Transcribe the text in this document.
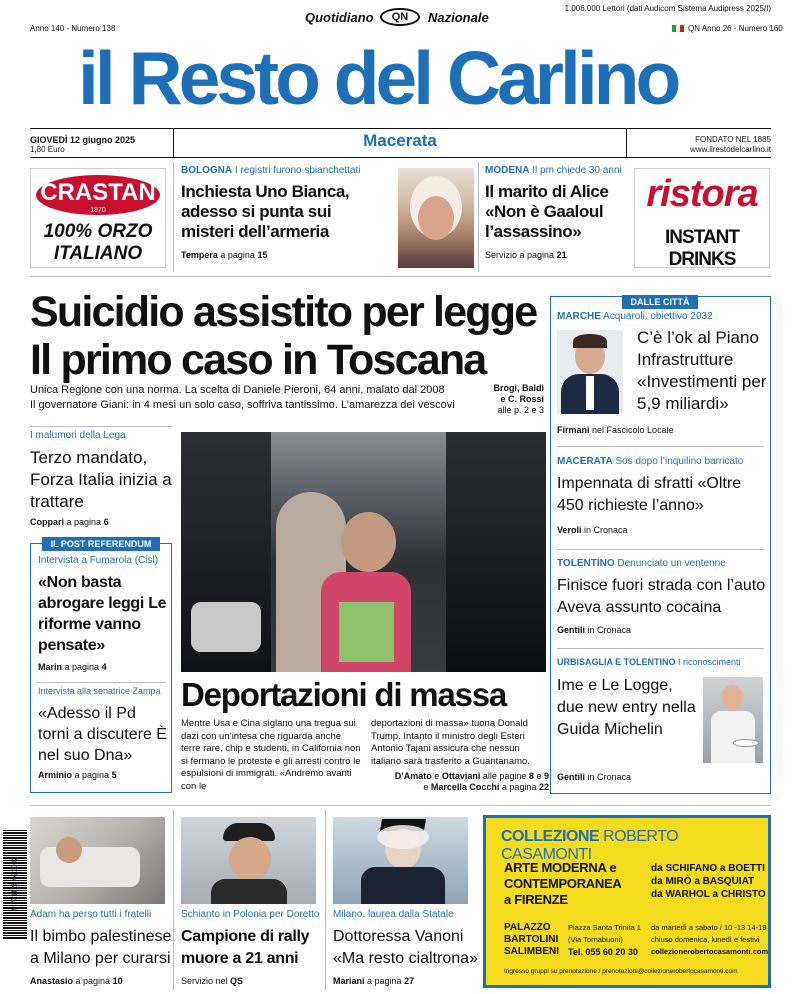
Anno 140 - Numero 138
1.006.000 Lettori (dati Audicom Sistema Audipress 2025/I)
Quotidiano	QN	Nazionale
QN Anno 26 - Numero 160
il Resto del Carlino
GIOVEDÌ 12 giugno 2025
1,80 Euro	Macerata	FONDATO NEL 1885
www.ilrestodelcarlino.it
CRASTAN
1870
100% ORZO
ITALIANO
BOLOGNA I registri furono sbianchettati
Inchiesta Uno Bianca, adesso si punta sui misteri dell’armeria
Tempera a pagina 15
MODENA Il pm chiede 30 anni
Il marito di Alice «Non è Gaaloul l’assassino»
Servizio a pagina 21
ristora
INSTANT DRINKS
Suicidio assistito per legge
Il primo caso in Toscana
Unica Regione con una norma. La scelta di Daniele Pieroni, 64 anni, malato dal 2008
Il governatore Giani: in 4 mesi un solo caso, soffriva tantissimo. L’amarezza dei vescovi
Brogi, Baldi
e C. Rossi
alle p. 2 e 3
I malumori della Lega
Terzo mandato, Forza Italia inizia a trattare
Coppari a pagina 6
IL POST REFERENDUM
Intervista a Fumarola (Cisl)
«Non basta abrogare leggi Le riforme vanno pensate»
Marin a pagina 4
Intervista alla senatrice Zampa
«Adesso il Pd torni a discutere È nel suo Dna»
Arminio a pagina 5
Deportazioni di massa
Mentre Usa e Cina siglano una tregua sui dazi con un’intesa che riguarda anche terre rare, chip e studenti, in California non si fermano le proteste e gli arresti contro le espulsioni di immigrati. «Andremo avanti con le
deportazioni di massa» tuona Donald Trump. Intanto il ministro degli Esteri Antonio Tajani assicura che nessun italiano sarà trasferito a Guantanamo.
D’Amato e Ottaviani alle pagine 8 e 9
e Marcella Cocchi a pagina 22
DALLE CITTÀ
MARCHE Acquaroli: obiettivo 2032
C’è l’ok al Piano Infrastrutture «Investimenti per 5,9 miliardi»
Firmani nel Fascicolo Locale
MACERATA Sos dopo l’inquilino barricato
Impennata di sfratti «Oltre 450 richieste l’anno»
Veroli in Cronaca
TOLENTINO Denunciato un ventenne
Finisce fuori strada con l’auto Aveva assunto cocaina
Gentili in Cronaca
URBISAGLIA E TOLENTINO I riconoscimenti
Ime e Le Logge, due new entry nella Guida Michelin
Gentili in Cronaca
9 771128 621002
Adam ha perso tutti i fratelli
Il bimbo palestinese a Milano per curarsi
Anastasio a pagina 10
Schianto in Polonia per Doretto
Campione di rally muore a 21 anni
Servizio nel QS
Milano, laurea dalla Statale
Dottoressa Vanoni «Ma resto cialtrona»
Mariani a pagina 27
COLLEZIONE ROBERTO CASAMONTI
ARTE MODERNA e
CONTEMPORANEA
a FIRENZE
da SCHIFANO a BOETTI
da MIRÒ a BASQUIAT
da WARHOL a CHRISTO
PALAZZO
BARTOLINI
SALIMBENI
Piazza Santa Trinita 1
(Via Tornabuoni)
Tel. 055 60 20 30
da martedì a sabato / 10 -13 14-19
chiuso domenica, lunedì e festivi
collezionerobertocasamonti.com
Ingresso gruppi su prenotazione / prenotazioni@collezionerobertocasamonti.com
